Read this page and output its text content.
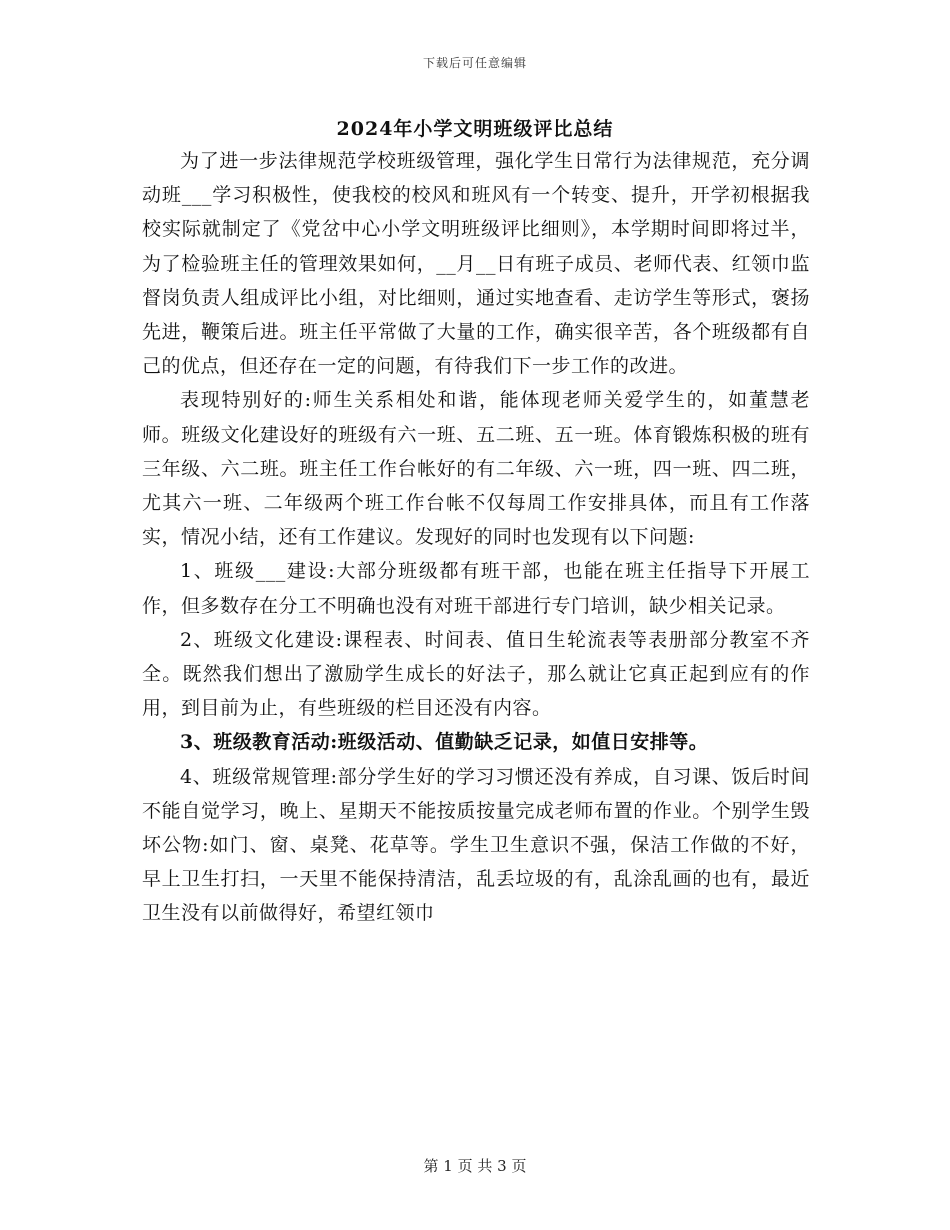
下载后可任意编辑
2024年小学文明班级评比总结

为了进一步法律规范学校班级管理，强化学生日常行为法律规范，充分调动班___学习积极性，使我校的校风和班风有一个转变、提升，开学初根据我校实际就制定了《党岔中心小学文明班级评比细则》，本学期时间即将过半，为了检验班主任的管理效果如何，__月__日有班子成员、老师代表、红领巾监督岗负责人组成评比小组，对比细则，通过实地查看、走访学生等形式，褒扬先进，鞭策后进。班主任平常做了大量的工作，确实很辛苦，各个班级都有自己的优点，但还存在一定的问题，有待我们下一步工作的改进。

表现特别好的:师生关系相处和谐，能体现老师关爱学生的，如董慧老师。班级文化建设好的班级有六一班、五二班、五一班。体育锻炼积极的班有三年级、六二班。班主任工作台帐好的有二年级、六一班，四一班、四二班，尤其六一班、二年级两个班工作台帐不仅每周工作安排具体，而且有工作落实，情况小结，还有工作建议。发现好的同时也发现有以下问题:

1、班级___建设:大部分班级都有班干部，也能在班主任指导下开展工作，但多数存在分工不明确也没有对班干部进行专门培训，缺少相关记录。

2、班级文化建设:课程表、时间表、值日生轮流表等表册部分教室不齐全。既然我们想出了激励学生成长的好法子，那么就让它真正起到应有的作用，到目前为止，有些班级的栏目还没有内容。

3、班级教育活动:班级活动、值勤缺乏记录，如值日安排等。

4、班级常规管理:部分学生好的学习习惯还没有养成，自习课、饭后时间不能自觉学习，晚上、星期天不能按质按量完成老师布置的作业。个别学生毁坏公物:如门、窗、桌凳、花草等。学生卫生意识不强，保洁工作做的不好，早上卫生打扫，一天里不能保持清洁，乱丢垃圾的有，乱涂乱画的也有，最近卫生没有以前做得好，希望红领巾

第 1 页 共 3 页
